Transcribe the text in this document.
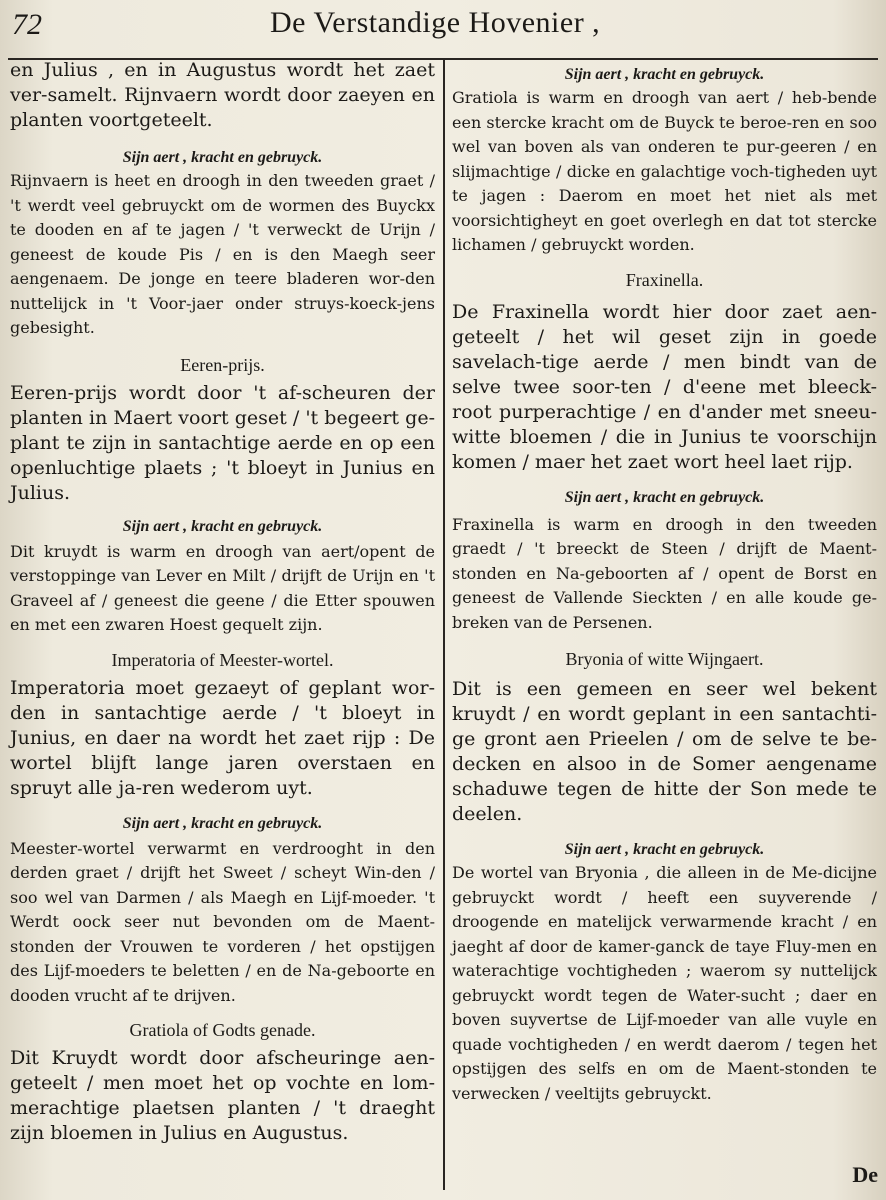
72	De Verstandige Hovenier ,

en Julius , en in Augustus wordt het zaet ver-samelt. Rijnvaern wordt door zaeyen en planten voortgeteelt.

Sijn aert , kracht en gebruyck.

Rijnvaern is heet en droogh in den tweeden graet / 't werdt veel gebruyckt om de wormen des Buyckx te dooden en af te jagen / 't verweckt de Urijn / geneest de koude Pis / en is den Maegh seer aengenaem. De jonge en teere bladeren wor-den nuttelijck in 't Voor-jaer onder struys-koeck-jens gebesight.

Eeren-prijs.

Eeren-prijs wordt door 't af-scheuren der planten in Maert voort geset / 't begeert ge-plant te zijn in santachtige aerde en op een openluchtige plaets ; 't bloeyt in Junius en Julius.

Sijn aert , kracht en gebruyck.

Dit kruydt is warm en droogh van aert/opent de verstoppinge van Lever en Milt / drijft de Urijn en 't Graveel af / geneest die geene / die Etter spouwen en met een zwaren Hoest gequelt zijn.

Imperatoria of Meester-wortel.

Imperatoria moet gezaeyt of geplant wor-den in santachtige aerde / 't bloeyt in Junius, en daer na wordt het zaet rijp : De wortel blijft lange jaren overstaen en spruyt alle ja-ren wederom uyt.

Sijn aert , kracht en gebruyck.

Meester-wortel verwarmt en verdrooght in den derden graet / drijft het Sweet / scheyt Win-den / soo wel van Darmen / als Maegh en Lijf-moeder. 't Werdt oock seer nut bevonden om de Maent-stonden der Vrouwen te vorderen / het opstijgen des Lijf-moeders te beletten / en de Na-geboorte en dooden vrucht af te drijven.

Gratiola of Godts genade.

Dit Kruydt wordt door afscheuringe aen-geteelt / men moet het op vochte en lom-merachtige plaetsen planten / 't draeght zijn bloemen in Julius en Augustus.

Sijn aert , kracht en gebruyck.

Gratiola is warm en droogh van aert / heb-bende een stercke kracht om de Buyck te beroe-ren en soo wel van boven als van onderen te pur-geeren / en slijmachtige / dicke en galachtige voch-tigheden uyt te jagen : Daerom en moet het niet als met voorsichtigheyt en goet overlegh en dat tot stercke lichamen / gebruyckt worden.

Fraxinella.

De Fraxinella wordt hier door zaet aen-geteelt / het wil geset zijn in goede savelach-tige aerde / men bindt van de selve twee soor-ten / d'eene met bleeck-root purperachtige / en d'ander met sneeu-witte bloemen / die in Junius te voorschijn komen / maer het zaet wort heel laet rijp.

Sijn aert , kracht en gebruyck.

Fraxinella is warm en droogh in den tweeden graedt / 't breeckt de Steen / drijft de Maent-stonden en Na-geboorten af / opent de Borst en geneest de Vallende Sieckten / en alle koude ge-breken van de Persenen.

Bryonia of witte Wijngaert.

Dit is een gemeen en seer wel bekent kruydt / en wordt geplant in een santachti-ge gront aen Prieelen / om de selve te be-decken en alsoo in de Somer aengename schaduwe tegen de hitte der Son mede te deelen.

Sijn aert , kracht en gebruyck.

De wortel van Bryonia , die alleen in de Me-dicijne gebruyckt wordt / heeft een suyverende / droogende en matelijck verwarmende kracht / en jaeght af door de kamer-ganck de taye Fluy-men en waterachtige vochtigheden ; waerom sy nuttelijck gebruyckt wordt tegen de Water-sucht ; daer en boven suyvertse de Lijf-moeder van alle vuyle en quade vochtigheden / en werdt daerom / tegen het opstijgen des selfs en om de Maent-stonden te verwecken / veeltijts gebruyckt.

De
